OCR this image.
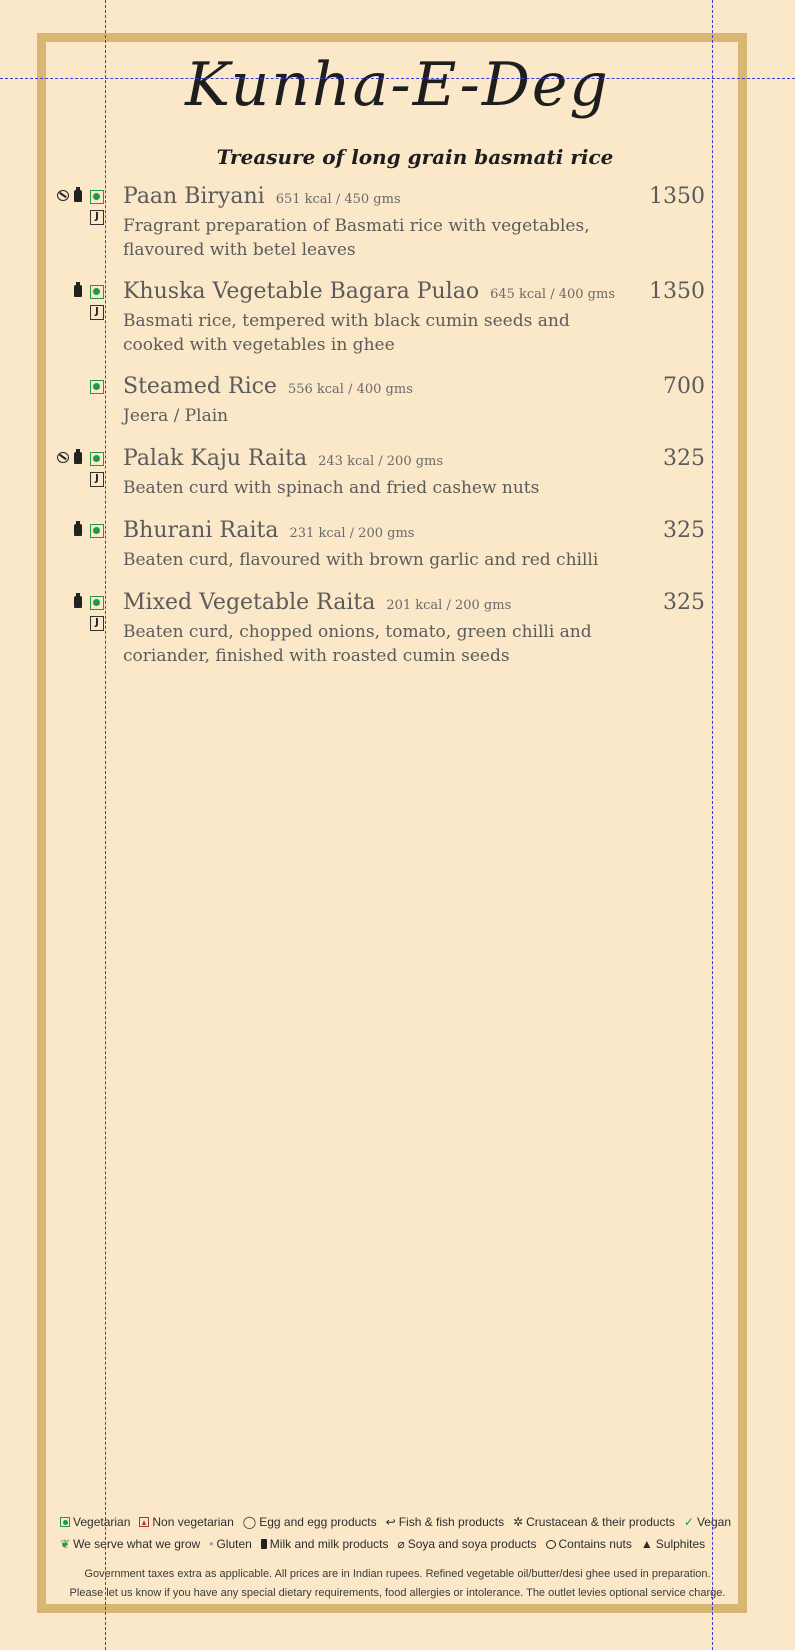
Kunha-E-Deg
Treasure of long grain basmati rice
J
Paan Biryani 651 kcal / 450 gms
Fragrant preparation of Basmati rice with vegetables, flavoured with betel leaves
1350
J
Khuska Vegetable Bagara Pulao 645 kcal / 400 gms
Basmati rice, tempered with black cumin seeds and cooked with vegetables in ghee
1350
Steamed Rice 556 kcal / 400 gms
Jeera / Plain
700
J
Palak Kaju Raita 243 kcal / 200 gms
Beaten curd with spinach and fried cashew nuts
325
Bhurani Raita 231 kcal / 200 gms
Beaten curd, flavoured with brown garlic and red chilli
325
J
Mixed Vegetable Raita 201 kcal / 200 gms
Beaten curd, chopped onions, tomato, green chilli and coriander, finished with roasted cumin seeds
325
Vegetarian Non vegetarian ◯ Egg and egg products ↩ Fish & fish products ✲ Crustacean & their products ✓ Vegan
❦ We serve what we grow • Gluten Milk and milk products ⌀ Soya and soya products Contains nuts ▲ Sulphites
Government taxes extra as applicable. All prices are in Indian rupees. Refined vegetable oil/butter/desi ghee used in preparation.
Please let us know if you have any special dietary requirements, food allergies or intolerance. The outlet levies optional service charge.
